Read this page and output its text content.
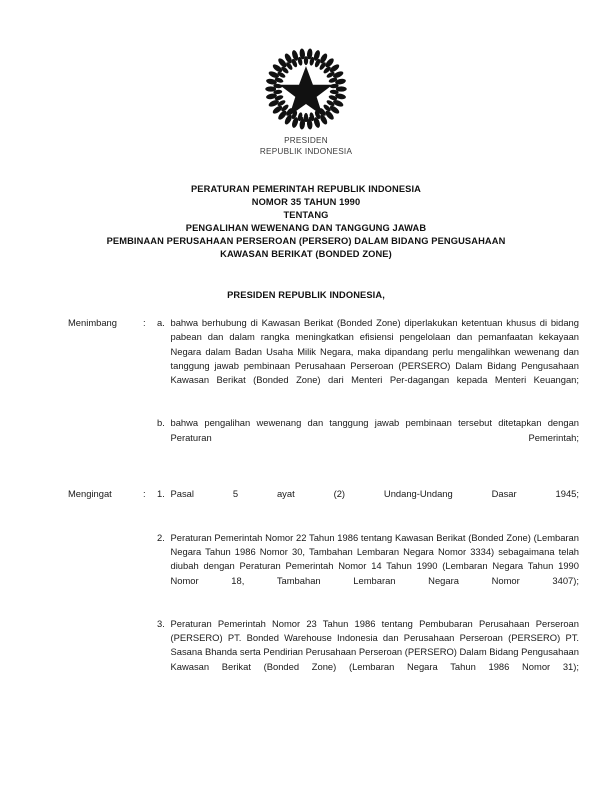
PRESIDEN
REPUBLIK INDONESIA
PERATURAN PEMERINTAH REPUBLIK INDONESIA
NOMOR 35 TAHUN 1990
TENTANG
PENGALIHAN WEWENANG DAN TANGGUNG JAWAB
PEMBINAAN PERUSAHAAN PERSEROAN (PERSERO) DALAM BIDANG PENGUSAHAAN
KAWASAN BERIKAT (BONDED ZONE)
PRESIDEN REPUBLIK INDONESIA,
Menimbang	:	a. bahwa berhubung di Kawasan Berikat (Bonded Zone) diperlakukan ketentuan khusus di bidang pabean dan dalam rangka meningkatkan efisiensi pengelolaan dan pemanfaatan kekayaan Negara dalam Badan Usaha Milik Negara, maka dipandang perlu mengalihkan wewenang dan tanggung jawab pembinaan Perusahaan Perseroan (PERSERO) Dalam Bidang Pengusahaan Kawasan Berikat (Bonded Zone) dari Menteri Per-dagangan kepada Menteri Keuangan;
b. bahwa pengalihan wewenang dan tanggung jawab pembinaan tersebut ditetapkan dengan Peraturan Pemerintah;
Mengingat	:	1. Pasal 5 ayat (2) Undang-Undang Dasar 1945;
2. Peraturan Pemerintah Nomor 22 Tahun 1986 tentang Kawasan Berikat (Bonded Zone) (Lembaran Negara Tahun 1986 Nomor 30, Tambahan Lembaran Negara Nomor 3334) sebagaimana telah diubah dengan Peraturan Pemerintah Nomor 14 Tahun 1990 (Lembaran Negara Tahun 1990 Nomor 18, Tambahan Lembaran Negara Nomor 3407);
3. Peraturan Pemerintah Nomor 23 Tahun 1986 tentang Pembubaran Perusahaan Perseroan (PERSERO) PT. Bonded Warehouse Indonesia dan Perusahaan Perseroan (PERSERO) PT. Sasana Bhanda serta Pendirian Perusahaan Perseroan (PERSERO) Dalam Bidang Pengusahaan Kawasan Berikat (Bonded Zone) (Lembaran Negara Tahun 1986 Nomor 31);
